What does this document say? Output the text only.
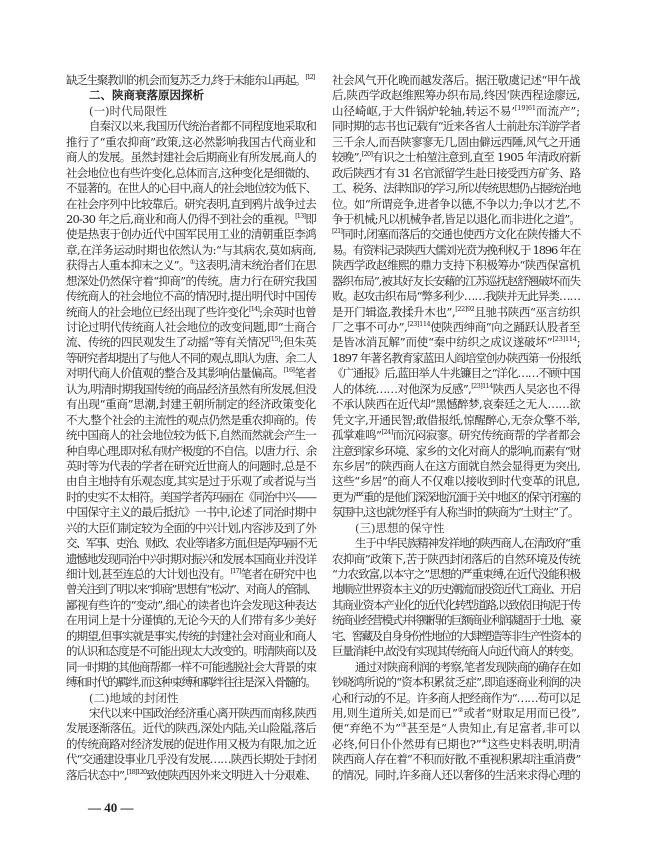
缺乏生聚教训的机会而复苏乏力,终于未能东山再起。[12]
二、陕商衰落原因探析
(一)时代局限性
自秦汉以来,我国历代统治者都不同程度地采取和
推行了“重农抑商”政策,这必然影响我国古代商业和
商人的发展。虽然封建社会后期商业有所发展,商人的
社会地位也有些许变化,总体而言,这种变化是细微的、
不显著的。在世人的心目中,商人的社会地位较为低下、
在社会序列中比较靠后。研究表明,直到鸦片战争过去
20-30 年之后,商业和商人仍得不到社会的重视。[13]即
使是热衷于创办近代中国军民用工业的清朝重臣李鸿
章,在洋务运动时期也依然认为:“与其病农,莫如病商,
获得古人重本抑末之义”。①这表明,清末统治者们在思
想深处仍然保守着“抑商”的传统。唐力行在研究我国
传统商人的社会地位不高的情况时,提出明代时中国传
统商人的社会地位已经出现了些许变化[14];余英时也曾
讨论过明代传统商人社会地位的改变问题,即“士商合
流、传统的四民观发生了动摇”等有关情况[15];但朱英
等研究者却提出了与他人不同的观点,即认为唐、余二人
对明代商人价值观的整合及其影响估量偏高。[16]笔者
认为,明清时期我国传统的商品经济虽然有所发展,但没
有出现“重商”思潮,封建王朝所制定的经济政策变化
不大,整个社会的主流性的观点仍然是重农抑商的。传
统中国商人的社会地位较为低下,自然而然就会产生一
种自卑心理,即对私有财产极度的不自信。以唐力行、余
英时等为代表的学者在研究近世商人的问题时,总是不
由自主地持有乐观态度,其实是过于乐观了或者说与当
时的史实不太相符。美国学者芮玛丽在《同治中兴——
中国保守主义的最后抵抗》一书中,论述了同治时期中
兴的大臣们制定较为全面的中兴计划,内容涉及到了外
交、军事、吏治、财政、农业等诸多方面,但是芮玛丽不无
遗憾地发现同治中兴时期对振兴和发展本国商业并没详
细计划,甚至连总的大计划也没有。[17]笔者在研究中也
曾关注到了明以来“抑商”思想有“松动”、对商人的管制、
鄙视有些许的“变动”,细心的读者也许会发现这种表达
在用词上是十分谨慎的,无论今天的人们带有多少美好
的期望,但事实就是事实,传统的封建社会对商业和商人
的认识和态度是不可能出现太大改变的。明清陕商以及
同一时期的其他商帮都一样不可能逃脱社会大背景的束
缚和时代的羁绊,而这种束缚和羁绊往往是深入骨髓的。
(二)地域的封闭性
宋代以来中国政治经济重心离开陕西而南移,陕西
发展逐渐落伍。近代的陕西,深处内陆,关山险隘,落后
的传统商路对经济发展的促进作用又极为有限,加之近
代“交通建设事业几乎没有发展……陕西长期处于封闭
落后状态中”,$^{[18]120}$致使陕西因外来文明进入十分艰难、
社会风气开化晚而越发落后。据汪敬虞记述“甲午战
后,陕西学政赵维熙筹办织布局,终因‘陕西程途廖远,
山径崎岖,于大件锅炉轮轴,转运不易’$^{[19]61}$而流产”;
同时期的志书也记载有“近来各省人士前赴东洋游学者
三千余人,而吾陕寥寥无几,固由僻远西陲,风气之开通
较晚”,[20]有识之士柏堃注意到,直至 1905 年清政府新
政后陕西才有 31 名官派留学生赴日接受西方矿务、路
工、税务、法律知识的学习,所以传统思想仍占据统治地
位。如“所谓竞争,进者争以德,不争以力;争以才艺,不
争于机械;凡以机械争者,皆足以退化,而非进化之道”。
[21]同时,闭塞而落后的交通也使西方文化在陕传播大不
易。有资料记录陕西大儒刘光贲为挽利权,于 1896 年在
陕西学政赵维熙的鼎力支持下积极筹办“陕西保富机
器织布局”,被其好友长安藉的江苏巡抚赵舒翘破坏而失
败。赵攻击织布局“弊多利少……我陕并无此异类……
是开门辑盗,教揉升木也”,$^{[22]92}$且驰书陕西“巫言纺织
厂之事不可办”,$^{[23]114}$使陕西绅商“向之踊跃认股者至
是皆冰消瓦解”而使“秦中纺织之成议遂破坏”$^{[23]114}$;
1897 年著名教育家蓝田人阎培堂创办陕西第一份报纸
《广通报》后,蓝田举人牛兆镰目之“洋化……不顾中国
人的体统……对他深为反感”,$^{[23]114}$陕西人吴宓也不得
不承认陕西在近代却“黑憾醉梦,哀秦廷之无人……欲
凭文字,开通民智;敢借报纸,惊醒醉心,无奈众擎不举,
孤掌难鸣”[24]而沉闷寂寥。研究传统商帮的学者都会
注意到家乡环境、家乡的文化对商人的影响,而素有“财
东乡居”的陕西商人在这方面就自然会显得更为突出,
这些“乡居”的商人不仅难以接收到时代变革的讯息,
更为严重的是他们深深地沉湎于关中地区的保守闭塞的
氛围中,这也就勿怪乎有人称当时的陕商为“土财主”了。
(三)思想的保守性
生于中华民族精神发祥地的陕西商人,在清政府“重
农抑商”政策下,苦于陕西封闭落后的自然环境及传统
“力农致富,以本守之”思想的严重束缚,在近代没能积极
地顺应世界资本主义的历史潮流而投资近代工商业、开启
其商业资本产业化的近代化转型道路,以致依旧拘泥于传
统商业经营模式并将赚得的巨额商业利润凝固于土地、豪
宅、窖藏及自身身份性地位的大肆塑造等非生产性资本的
巨量消耗中,故没有实现其传统商人向近代商人的转变。
通过对陕商利润的考察,笔者发现陕商的确存在如
钞晓鸿所说的“资本积累贫乏症”,即追逐商业利润的决
心和行动的不足。许多商人把经商作为“……苟可以足
用,则生道所关,如是而已”②或者“财取足用而已役”,
便“弃绝不为”③甚至是“人贵知止,有足富者,非可以
必终,何日仆仆然毋有已期也?”④这些史料表明,明清
陕西商人存在着“不积而好散,不重视积累却注重消费”
的情况。同时,许多商人还以奢侈的生活来求得心理的
— 40 —
